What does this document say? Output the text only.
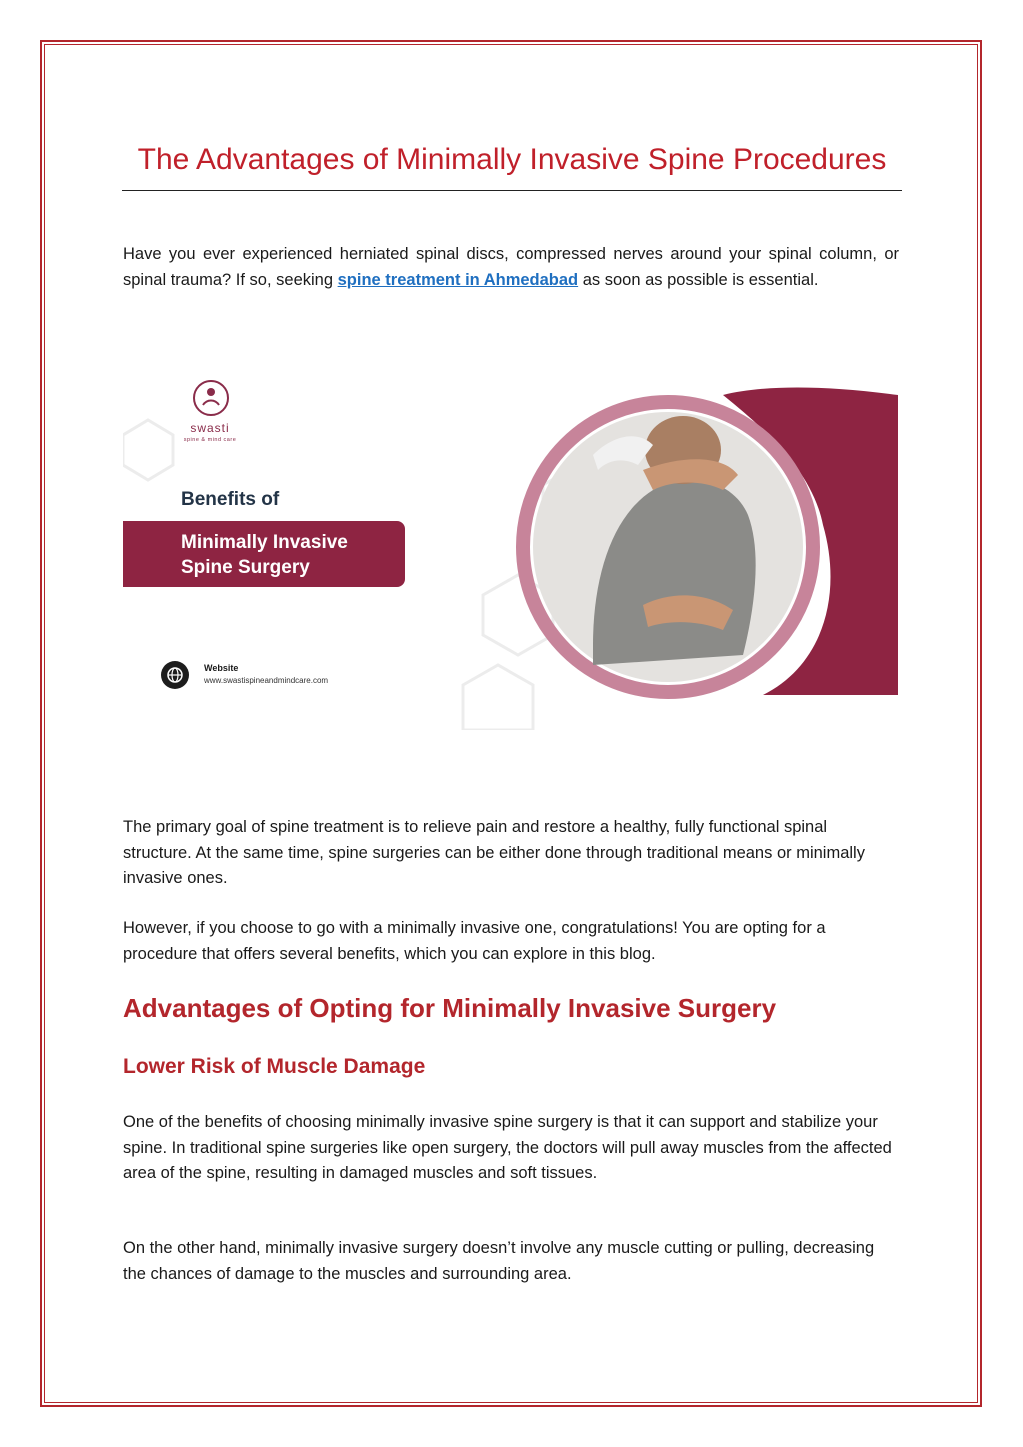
The Advantages of Minimally Invasive Spine Procedures
Have you ever experienced herniated spinal discs, compressed nerves around your spinal column, or spinal trauma? If so, seeking spine treatment in Ahmedabad as soon as possible is essential.
swasti
spine & mind care
Benefits of
Minimally Invasive
Spine Surgery
Website
www.swastispineandmindcare.com
The primary goal of spine treatment is to relieve pain and restore a healthy, fully functional spinal structure. At the same time, spine surgeries can be either done through traditional means or minimally invasive ones.
However, if you choose to go with a minimally invasive one, congratulations! You are opting for a procedure that offers several benefits, which you can explore in this blog.
Advantages of Opting for Minimally Invasive Surgery
Lower Risk of Muscle Damage
One of the benefits of choosing minimally invasive spine surgery is that it can support and stabilize your spine. In traditional spine surgeries like open surgery, the doctors will pull away muscles from the affected area of the spine, resulting in damaged muscles and soft tissues.
On the other hand, minimally invasive surgery doesn’t involve any muscle cutting or pulling, decreasing the chances of damage to the muscles and surrounding area.
